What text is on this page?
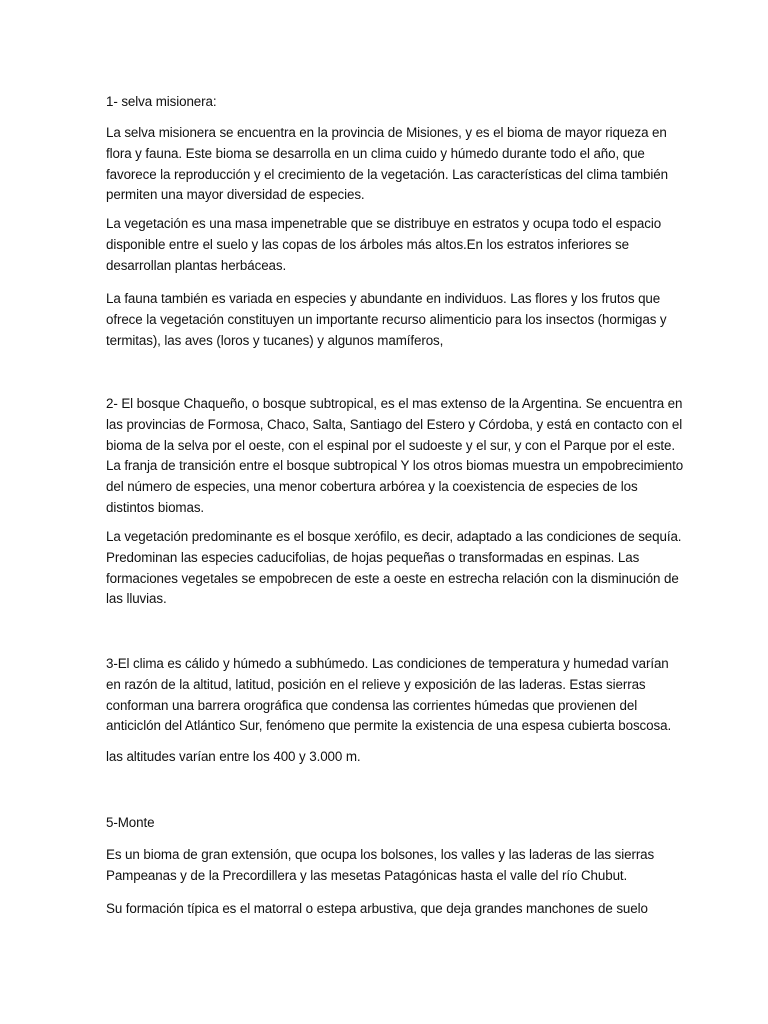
1- selva misionera:

La selva misionera se encuentra en la provincia de Misiones, y es el bioma de mayor riqueza en flora y fauna. Este bioma se desarrolla en un clima cuido y húmedo durante todo el año, que favorece la reproducción y el crecimiento de la vegetación. Las características del clima también permiten una mayor diversidad de especies.

La vegetación es una masa impenetrable que se distribuye en estratos y ocupa todo el espacio disponible entre el suelo y las copas de los árboles más altos.En los estratos inferiores se desarrollan plantas herbáceas.

La fauna también es variada en especies y abundante en individuos. Las flores y los frutos que ofrece la vegetación constituyen un importante recurso alimenticio para los insectos (hormigas y termitas), las aves (loros y tucanes) y algunos mamíferos,

2- El bosque Chaqueño, o bosque subtropical, es el mas extenso de la Argentina. Se encuentra en las provincias de Formosa, Chaco, Salta, Santiago del Estero y Córdoba, y está en contacto con el bioma de la selva por el oeste, con el espinal por el sudoeste y el sur, y con el Parque por el este. La franja de transición entre el bosque subtropical Y los otros biomas muestra un empobrecimiento del número de especies, una menor cobertura arbórea y la coexistencia de especies de los distintos biomas.

La vegetación predominante es el bosque xerófilo, es decir, adaptado a las condiciones de sequía. Predominan las especies caducifolias, de hojas pequeñas o transformadas en espinas. Las formaciones vegetales se empobrecen de este a oeste en estrecha relación con la disminución de las lluvias.

3-El clima es cálido y húmedo a subhúmedo. Las condiciones de temperatura y humedad varían en razón de la altitud, latitud, posición en el relieve y exposición de las laderas. Estas sierras conforman una barrera orográfica que condensa las corrientes húmedas que provienen del anticiclón del Atlántico Sur, fenómeno que permite la existencia de una espesa cubierta boscosa.

las altitudes varían entre los 400 y 3.000 m.

5-Monte

Es un bioma de gran extensión, que ocupa los bolsones, los valles y las laderas de las sierras Pampeanas y de la Precordillera y las mesetas Patagónicas hasta el valle del río Chubut.

Su formación típica es el matorral o estepa arbustiva, que deja grandes manchones de suelo
